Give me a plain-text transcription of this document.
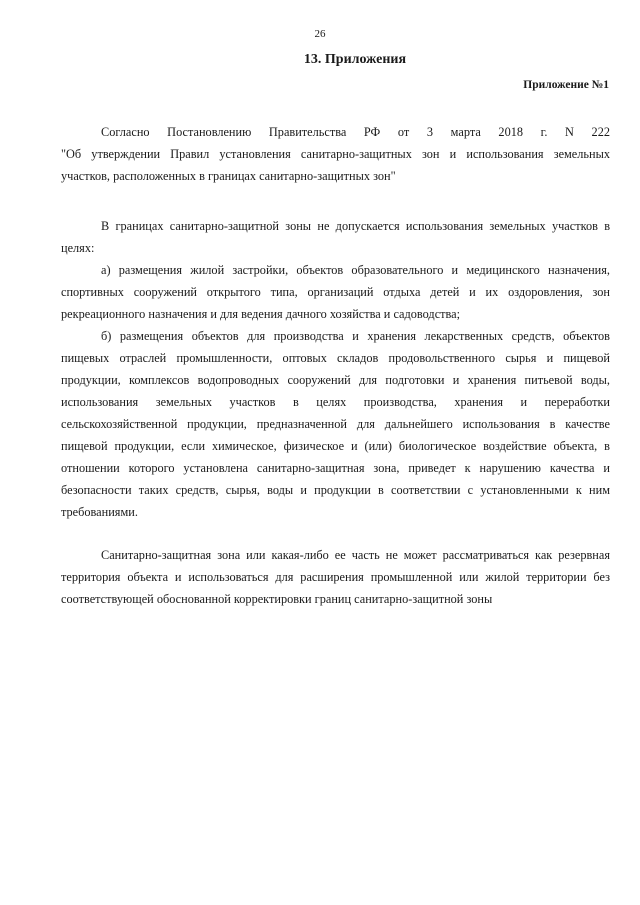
26
13. Приложения
Приложение №1
Согласно Постановлению Правительства РФ от 3 марта 2018 г. N 222
"Об утверждении Правил установления санитарно-защитных зон и использования земельных
участков, расположенных в границах санитарно-защитных зон"
В границах санитарно-защитной зоны не допускается использования земельных участков в
целях:
а) размещения жилой застройки, объектов образовательного и медицинского назначения,
спортивных сооружений открытого типа, организаций отдыха детей и их оздоровления, зон
рекреационного назначения и для ведения дачного хозяйства и садоводства;
б) размещения объектов для производства и хранения лекарственных средств, объектов
пищевых отраслей промышленности, оптовых складов продовольственного сырья и пищевой
продукции, комплексов водопроводных сооружений для подготовки и хранения питьевой воды,
использования земельных участков в целях производства, хранения и переработки
сельскохозяйственной продукции, предназначенной для дальнейшего использования в качестве
пищевой продукции, если химическое, физическое и (или) биологическое воздействие объекта, в
отношении которого установлена санитарно-защитная зона, приведет к нарушению качества и
безопасности таких средств, сырья, воды и продукции в соответствии с установленными к ним
требованиями.
Санитарно-защитная зона или какая-либо ее часть не может рассматриваться как резервная
территория объекта и использоваться для расширения промышленной или жилой территории без
соответствующей обоснованной корректировки границ санитарно-защитной зоны
